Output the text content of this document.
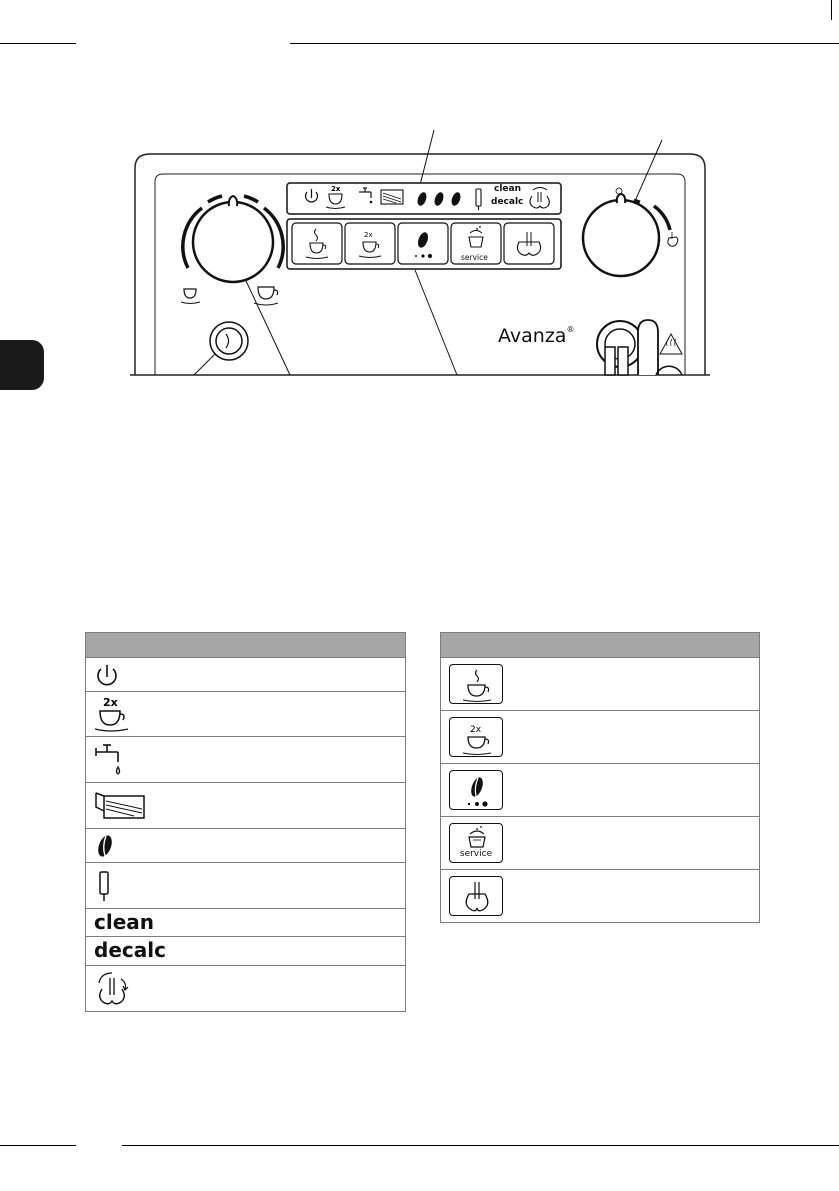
2x
2x
clean
decalc
service
Avanza®

2x

clean
decalc

2x

service
